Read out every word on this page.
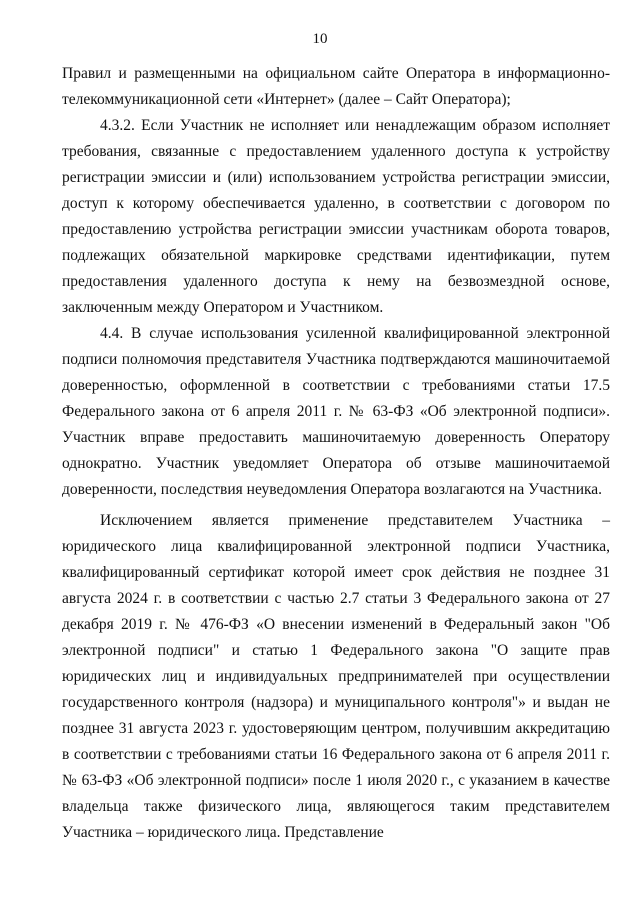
10

Правил и размещенными на официальном сайте Оператора в информационно-телекоммуникационной сети «Интернет» (далее – Сайт Оператора);

4.3.2. Если Участник не исполняет или ненадлежащим образом исполняет требования, связанные с предоставлением удаленного доступа к устройству регистрации эмиссии и (или) использованием устройства регистрации эмиссии, доступ к которому обеспечивается удаленно, в соответствии с договором по предоставлению устройства регистрации эмиссии участникам оборота товаров, подлежащих обязательной маркировке средствами идентификации, путем предоставления удаленного доступа к нему на безвозмездной основе, заключенным между Оператором и Участником.

4.4. В случае использования усиленной квалифицированной электронной подписи полномочия представителя Участника подтверждаются машиночитаемой доверенностью, оформленной в соответствии с требованиями статьи 17.5 Федерального закона от 6 апреля 2011 г. № 63-ФЗ «Об электронной подписи». Участник вправе предоставить машиночитаемую доверенность Оператору однократно. Участник уведомляет Оператора об отзыве машиночитаемой доверенности, последствия неуведомления Оператора возлагаются на Участника.

Исключением является применение представителем Участника – юридического лица квалифицированной электронной подписи Участника, квалифицированный сертификат которой имеет срок действия не позднее 31 августа 2024 г. в соответствии с частью 2.7 статьи 3 Федерального закона от 27 декабря 2019 г. № 476-ФЗ «О внесении изменений в Федеральный закон "Об электронной подписи" и статью 1 Федерального закона "О защите прав юридических лиц и индивидуальных предпринимателей при осуществлении государственного контроля (надзора) и муниципального контроля"» и выдан не позднее 31 августа 2023 г. удостоверяющим центром, получившим аккредитацию в соответствии с требованиями статьи 16 Федерального закона от 6 апреля 2011 г. № 63-ФЗ «Об электронной подписи» после 1 июля 2020 г., с указанием в качестве владельца также физического лица, являющегося таким представителем Участника – юридического лица. Представление
